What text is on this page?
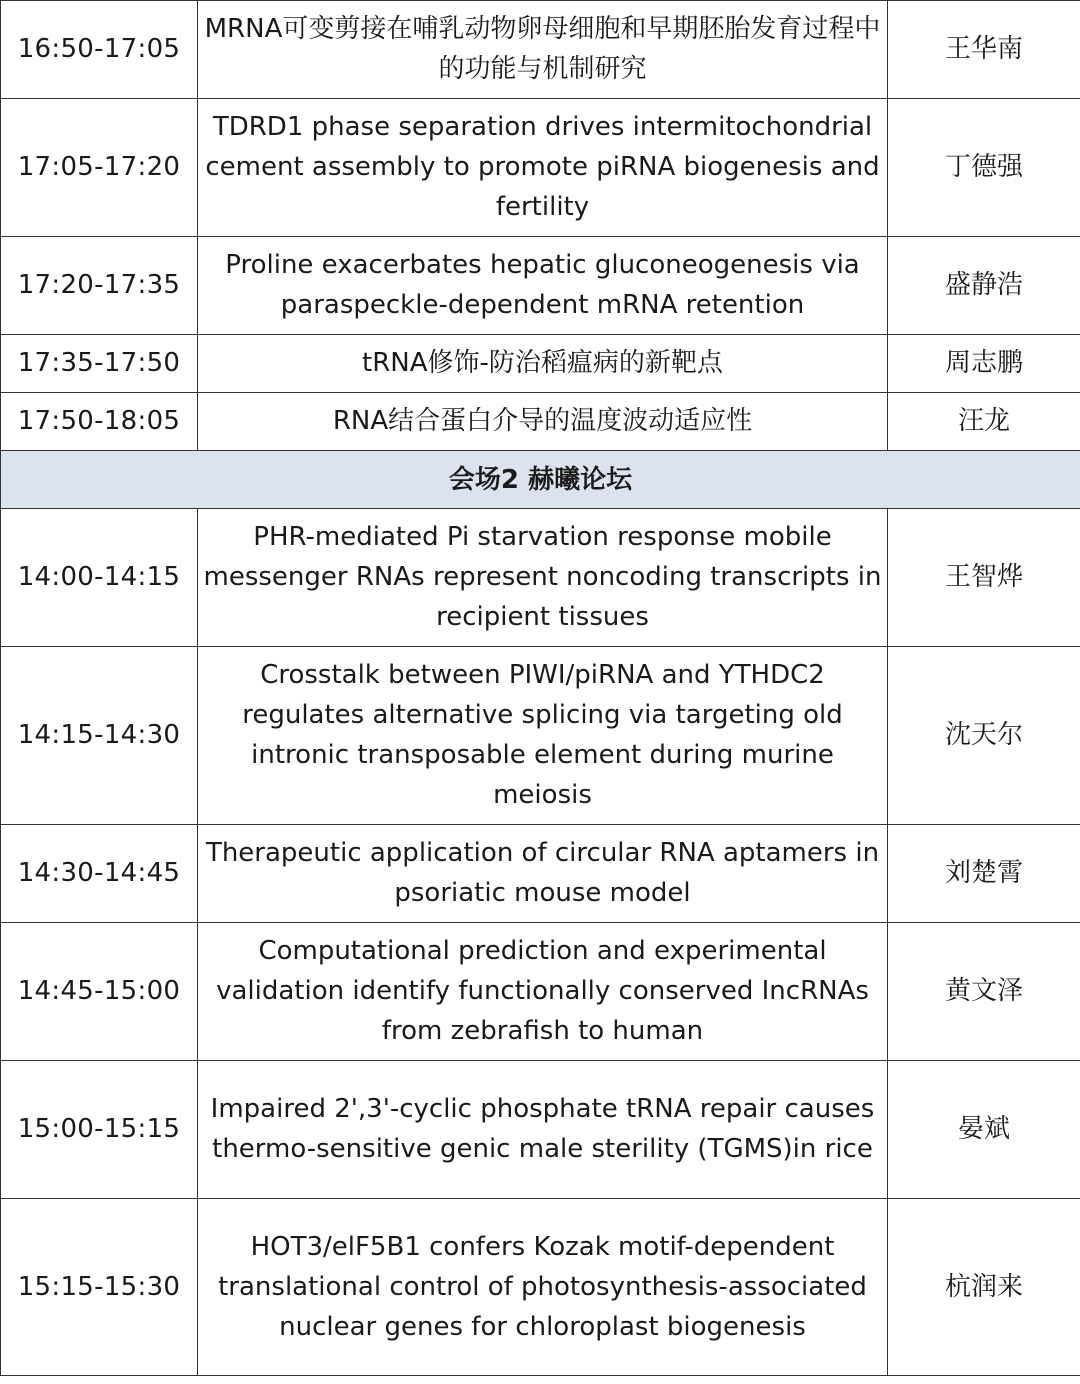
16:50-17:05	MRNA可变剪接在哺乳动物卵母细胞和早期胚胎发育过程中的功能与机制研究	王华南
17:05-17:20	TDRD1 phase separation drives intermitochondrial cement assembly to promote piRNA biogenesis and fertility	丁德强
17:20-17:35	Proline exacerbates hepatic gluconeogenesis via paraspeckle-dependent mRNA retention	盛静浩
17:35-17:50	tRNA修饰-防治稻瘟病的新靶点	周志鹏
17:50-18:05	RNA结合蛋白介导的温度波动适应性	汪龙
会场2 赫曦论坛		
14:00-14:15	PHR-mediated Pi starvation response mobile messenger RNAs represent noncoding transcripts in recipient tissues	王智烨
14:15-14:30	Crosstalk between PIWI/piRNA and YTHDC2 regulates alternative splicing via targeting old intronic transposable element during murine meiosis	沈天尔
14:30-14:45	Therapeutic application of circular RNA aptamers in psoriatic mouse model	刘楚霄
14:45-15:00	Computational prediction and experimental validation identify functionally conserved IncRNAs from zebrafish to human	黄文泽
15:00-15:15	Impaired 2',3'-cyclic phosphate tRNA repair causes thermo-sensitive genic male sterility (TGMS)in rice	晏斌
15:15-15:30	HOT3/elF5B1 confers Kozak motif-dependent translational control of photosynthesis-associated nuclear genes for chloroplast biogenesis	杭润来
